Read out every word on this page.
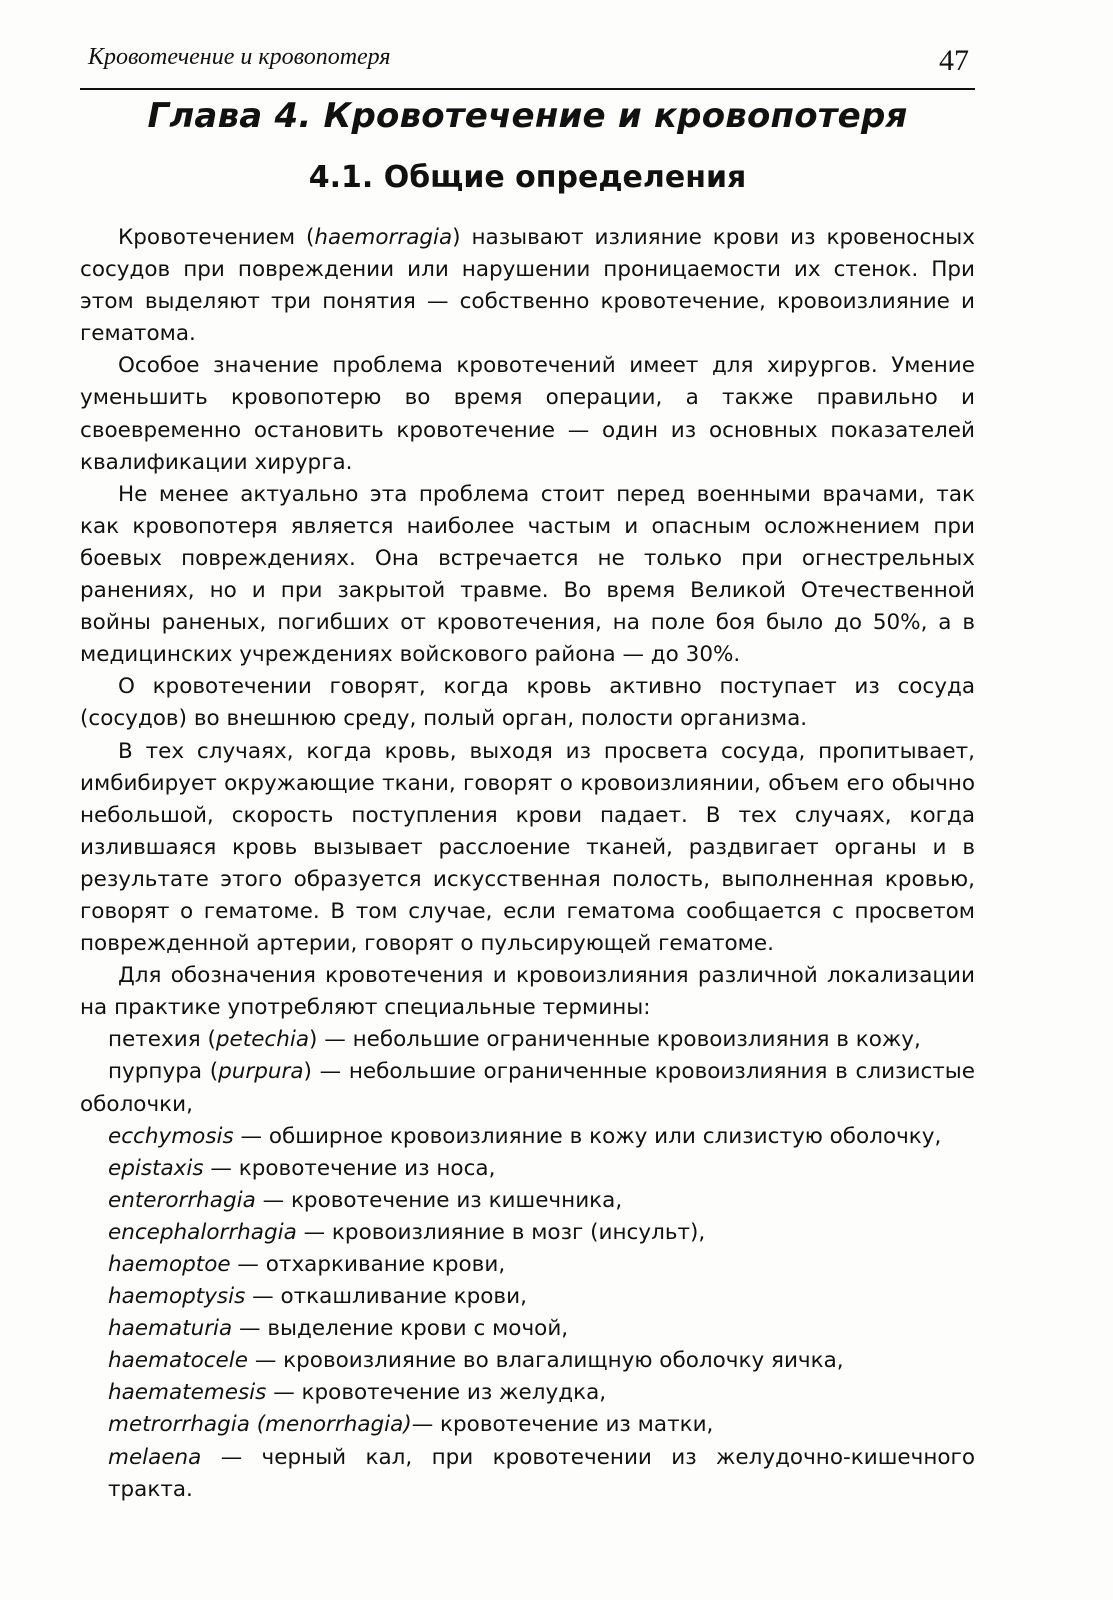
Кровотечение и кровопотеря	47
Глава 4. Кровотечение и кровопотеря
4.1. Общие определения

Кровотечением (haemorragia) называют излияние крови из кровеносных сосудов при повреждении или нарушении проницаемости их стенок. При этом выделяют три понятия — собственно кровотечение, кровоизлияние и гематома.

Особое значение проблема кровотечений имеет для хирургов. Умение уменьшить кровопотерю во время операции, а также правильно и своевременно остановить кровотечение — один из основных показателей квалификации хирурга.

Не менее актуально эта проблема стоит перед военными врачами, так как кровопотеря является наиболее частым и опасным осложнением при боевых повреждениях. Она встречается не только при огнестрельных ранениях, но и при закрытой травме. Во время Великой Отечественной войны раненых, погибших от кровотечения, на поле боя было до 50%, а в медицинских учреждениях войскового района — до 30%.

О кровотечении говорят, когда кровь активно поступает из сосуда (сосудов) во внешнюю среду, полый орган, полости организма.

В тех случаях, когда кровь, выходя из просвета сосуда, пропитывает, имбибирует окружающие ткани, говорят о кровоизлиянии, объем его обычно небольшой, скорость поступления крови падает. В тех случаях, когда излившаяся кровь вызывает расслоение тканей, раздвигает органы и в результате этого образуется искусственная полость, выполненная кровью, говорят о гематоме. В том случае, если гематома сообщается с просветом поврежденной артерии, говорят о пульсирующей гематоме.

Для обозначения кровотечения и кровоизлияния различной локализации на практике употребляют специальные термины:

петехия (petechia) — небольшие ограниченные кровоизлияния в кожу,

пурпура (purpura) — небольшие ограниченные кровоизлияния в слизистые оболочки,

ecchymosis — обширное кровоизлияние в кожу или слизистую оболочку,

epistaxis — кровотечение из носа,

enterorrhagia — кровотечение из кишечника,

encephalorrhagia — кровоизлияние в мозг (инсульт),

haemoptoe — отхаркивание крови,

haemoptysis — откашливание крови,

haematuria — выделение крови с мочой,

haematocele — кровоизлияние во влагалищную оболочку яичка,

haematemesis — кровотечение из желудка,

metrorrhagia (menorrhagia)— кровотечение из матки,

melaena — черный кал, при кровотечении из желудочно-кишечного тракта.
